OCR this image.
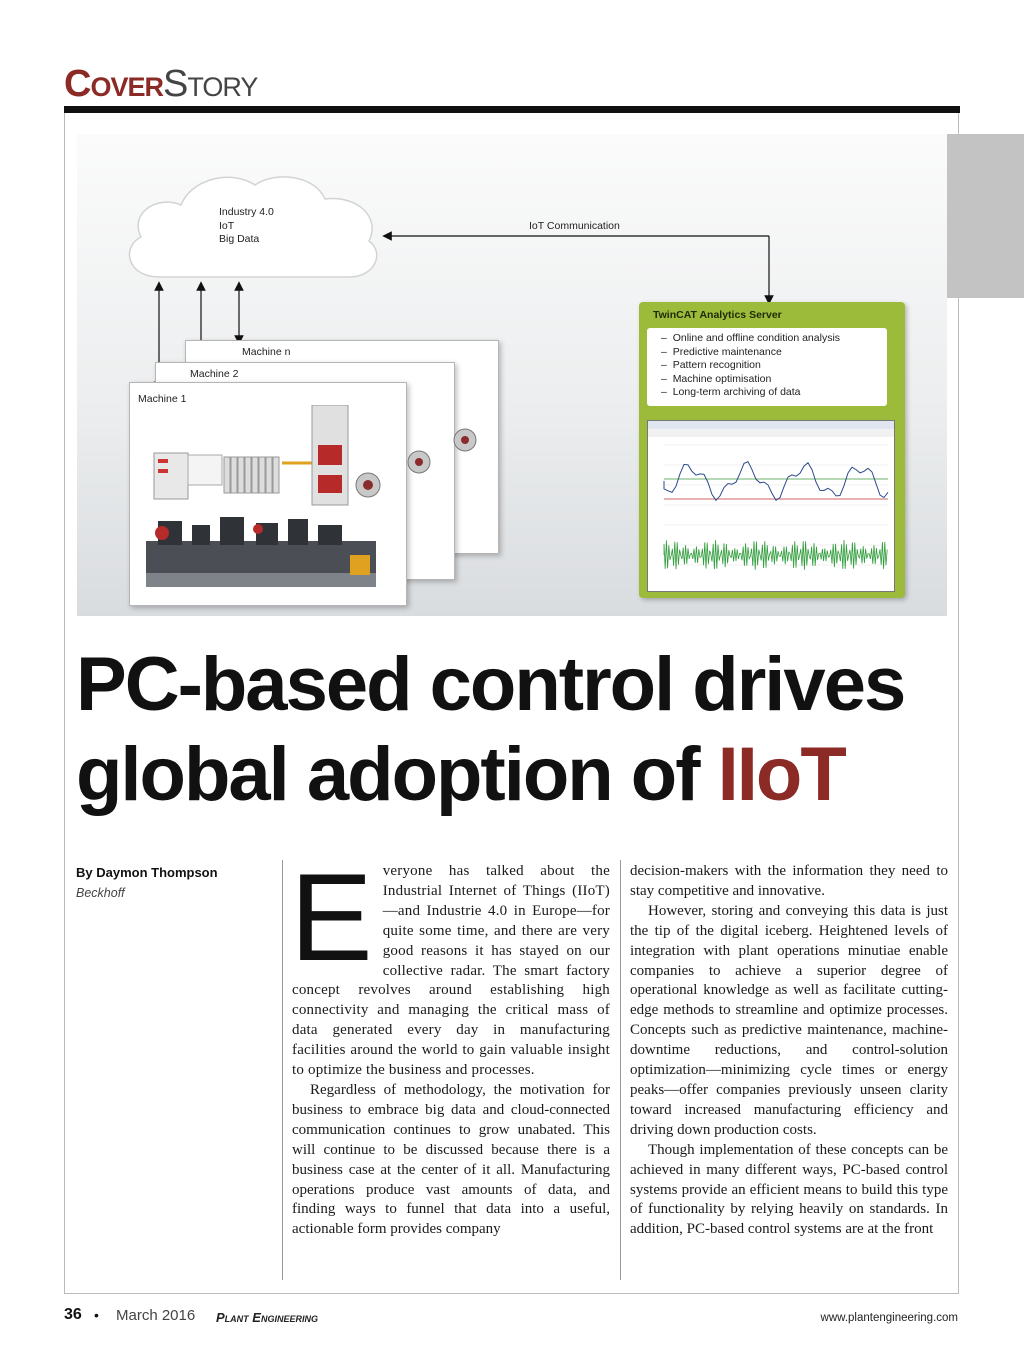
CoverStory
Industry 4.0
IoT
Big Data
IoT Communication
Machine n
Machine 2
Machine 1
TwinCAT Analytics Server
–  Online and offline condition analysis
–  Predictive maintenance
–  Pattern recognition
–  Machine optimisation
–  Long-term archiving of data
PC-based control drives
global adoption of IIoT
By Daymon Thompson
Beckhoff E veryone has talked about the Industrial Internet of Things (IIoT)—and Industrie 4.0 in Europe—for quite some time, and there are very good reasons it has stayed on our collective radar. The smart factory concept revolves around establishing high connectivity and managing the critical mass of data generated every day in manufacturing facilities around the world to gain valuable insight to optimize the business and processes.

Regardless of methodology, the motivation for business to embrace big data and cloud-connected communication continues to grow unabated. This will continue to be discussed because there is a business case at the center of it all. Manufacturing operations produce vast amounts of data, and finding ways to funnel that data into a useful, actionable form provides company

decision-makers with the information they need to stay competitive and innovative.

However, storing and conveying this data is just the tip of the digital iceberg. Heightened levels of integration with plant operations minutiae enable companies to achieve a superior degree of operational knowledge as well as facilitate cutting-edge methods to streamline and optimize processes. Concepts such as predictive maintenance, machine-downtime reductions, and control-solution optimization—minimizing cycle times or energy peaks—offer companies previously unseen clarity toward increased manufacturing efficiency and driving down production costs.

Though implementation of these concepts can be achieved in many different ways, PC-based control systems provide an efficient means to build this type of functionality by relying heavily on standards. In addition, PC-based control systems are at the front

36 • March 2016 Plant Engineering	www.plantengineering.com
